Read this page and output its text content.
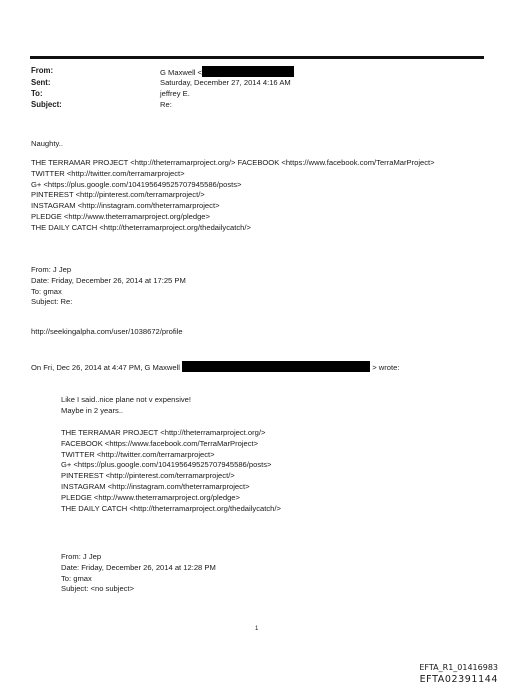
From:	G Maxwell <
Sent:	Saturday, December 27, 2014 4:16 AM
To:	jeffrey E.
Subject:	Re:
Naughty..
THE TERRAMAR PROJECT <http://theterramarproject.org/> FACEBOOK <https://www.facebook.com/TerraMarProject>
TWITTER <http://twitter.com/terramarproject>
G+ <https://plus.google.com/104195649525707945586/posts>
PINTEREST <http://pinterest.com/terramarproject/>
INSTAGRAM <http://instagram.com/theterramarproject>
PLEDGE <http://www.theterramarproject.org/pledge>
THE DAILY CATCH <http://theterramarproject.org/thedailycatch/>
From: J Jep
Date: Friday, December 26, 2014 at 17:25 PM
To: gmax
Subject: Re:
http://seekingalpha.com/user/1038672/profile
On Fri, Dec 26, 2014 at 4:47 PM, G Maxwell	> wrote:
Like I said..nice plane not v expensive!
Maybe in 2 years..
THE TERRAMAR PROJECT <http://theterramarproject.org/>
FACEBOOK <https://www.facebook.com/TerraMarProject>
TWITTER <http://twitter.com/terramarproject>
G+ <https://plus.google.com/104195649525707945586/posts>
PINTEREST <http://pinterest.com/terramarproject/>
INSTAGRAM <http://instagram.com/theterramarproject>
PLEDGE <http://www.theterramarproject.org/pledge>
THE DAILY CATCH <http://theterramarproject.org/thedailycatch/>
From: J Jep
Date: Friday, December 26, 2014 at 12:28 PM
To: gmax
Subject: <no subject>
1
EFTA_R1_01416983
EFTA02391144
